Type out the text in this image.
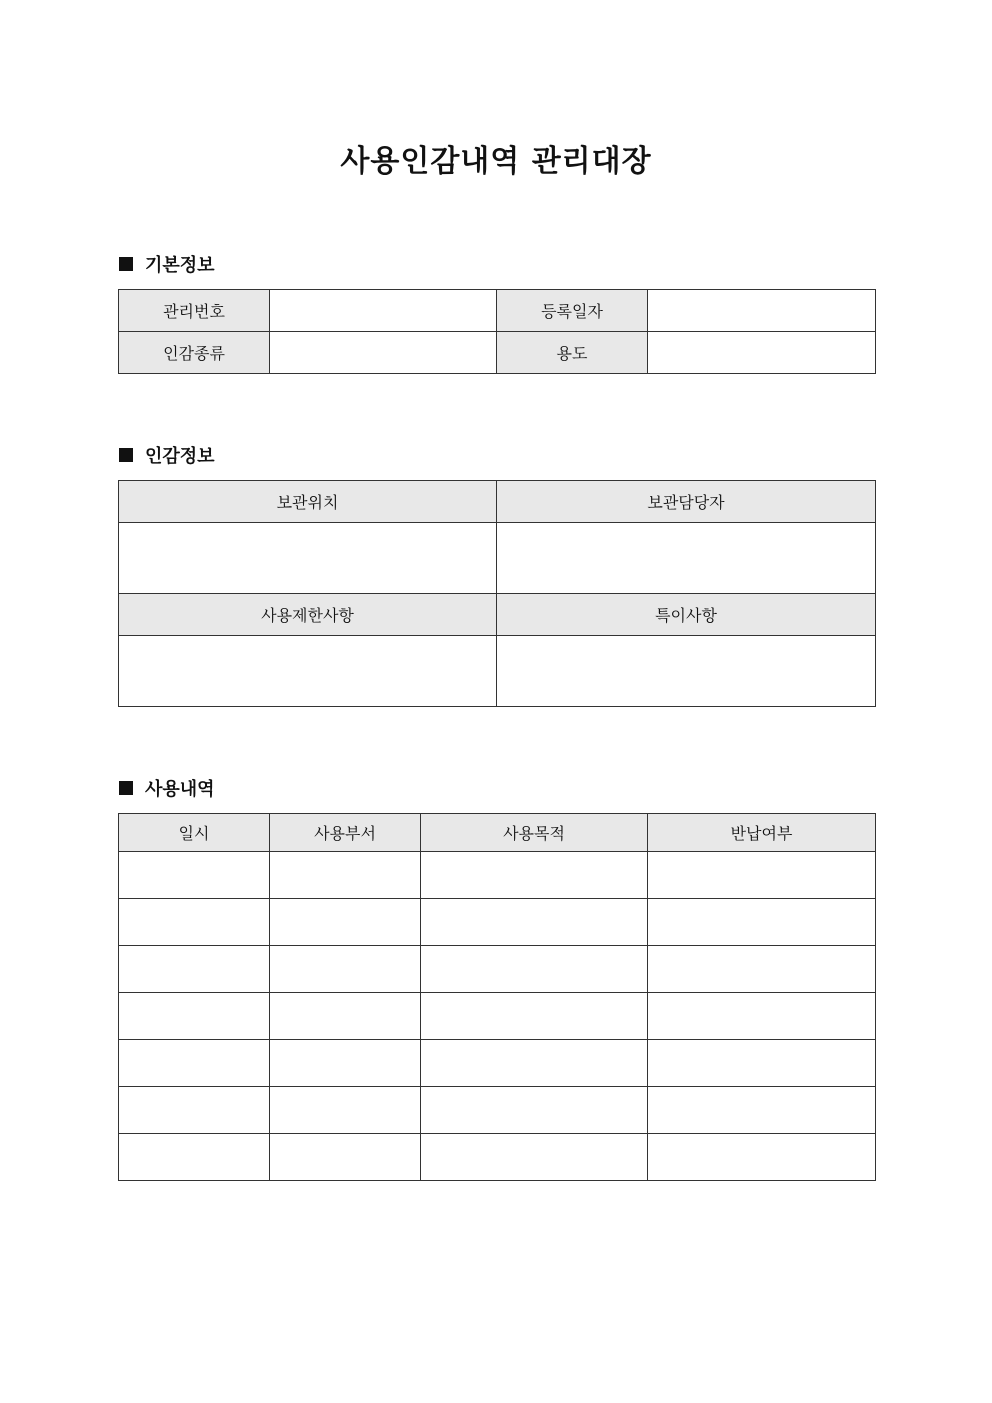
사용인감내역 관리대장
기본정보
관리번호		등록일자	
인감종류		용도	
인감정보
보관위치	보관담당자

사용제한사항	특이사항

사용내역
일시	사용부서	사용목적	반납여부
